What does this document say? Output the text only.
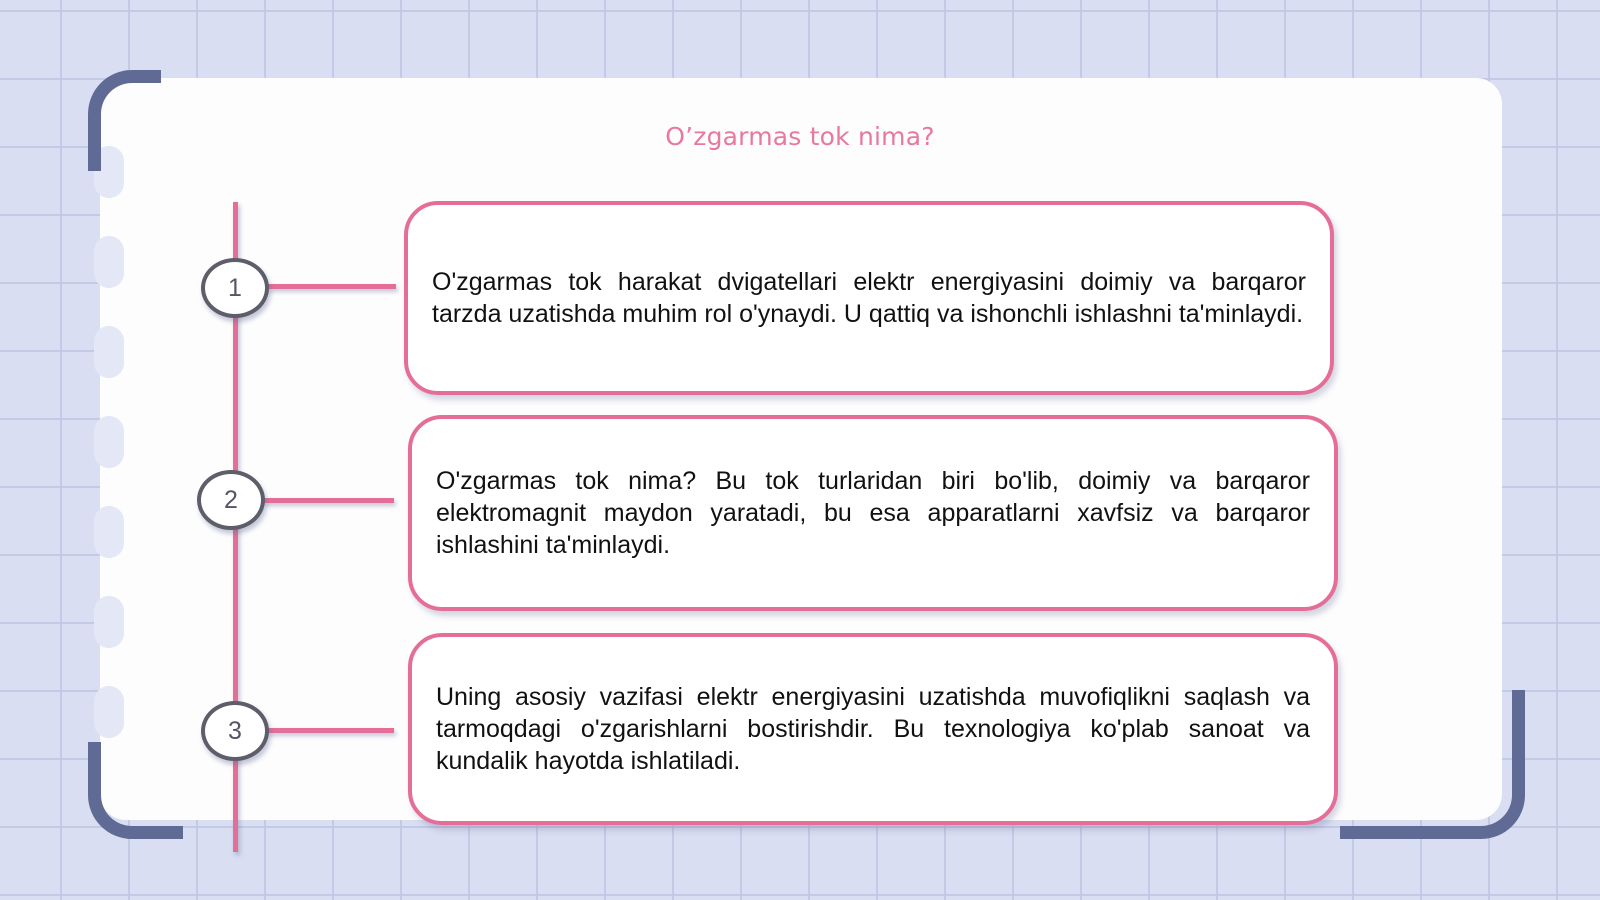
O’zgarmas tok nima?
1	O'zgarmas tok harakat dvigatellari elektr energiyasini doimiy va barqaror tarzda uzatishda muhim rol o'ynaydi. U qattiq va ishonchli ishlashni ta'minlaydi.

2

O'zgarmas tok nima? Bu tok turlaridan biri bo'lib, doimiy va barqaror elektromagnit maydon yaratadi, bu esa apparatlarni xavfsiz va barqaror ishlashini ta'minlaydi.

3

Uning asosiy vazifasi elektr energiyasini uzatishda muvofiqlikni saqlash va tarmoqdagi o'zgarishlarni bostirishdir. Bu texnologiya ko'plab sanoat va kundalik hayotda ishlatiladi.
